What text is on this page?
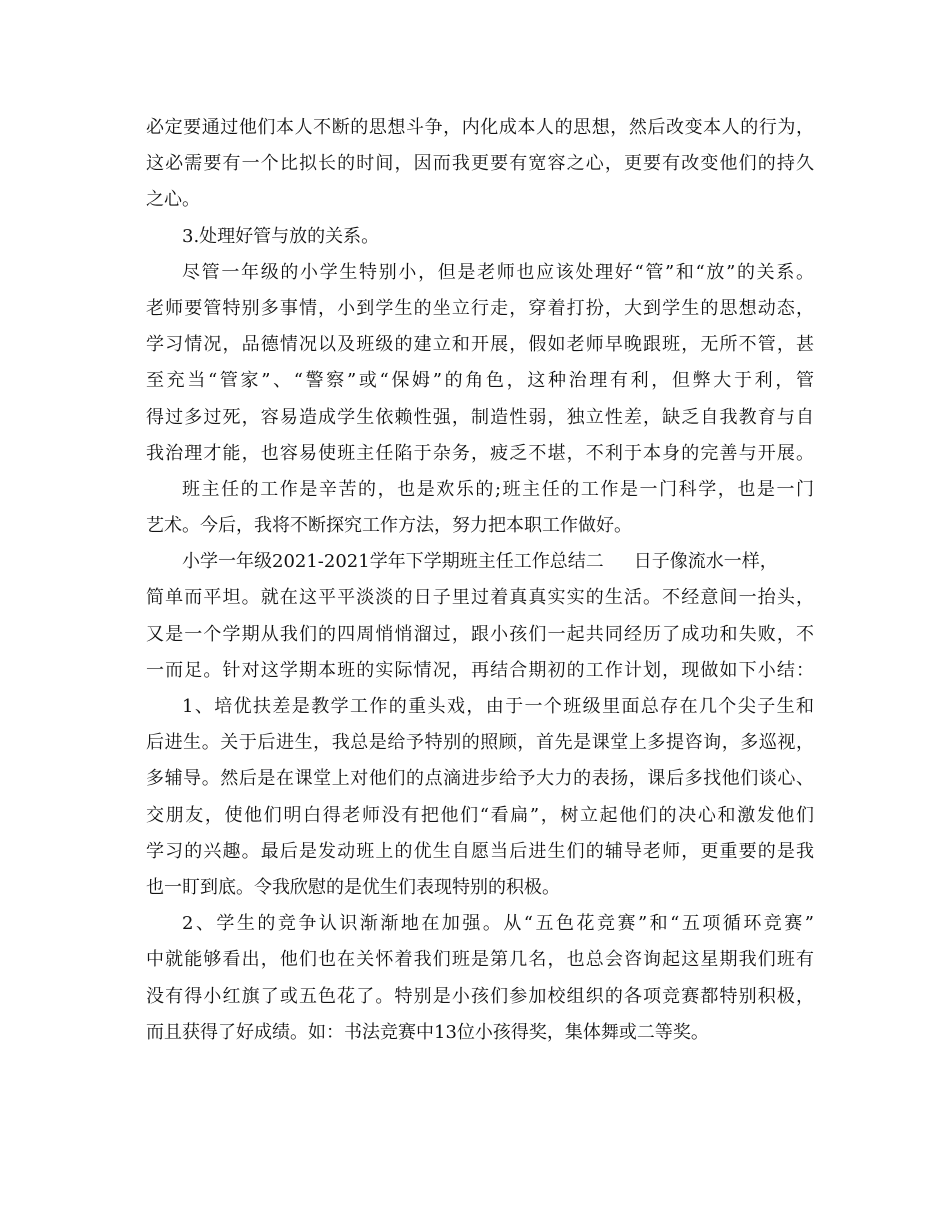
必定要通过他们本人不断的思想斗争，内化成本人的思想，然后改变本人的行为，
这必需要有一个比拟长的时间，因而我更要有宽容之心，更要有改变他们的持久
之心。
3.处理好管与放的关系。
尽管一年级的小学生特别小，但是老师也应该处理好“管”和“放”的关系。
老师要管特别多事情，小到学生的坐立行走，穿着打扮，大到学生的思想动态，
学习情况，品德情况以及班级的建立和开展，假如老师早晚跟班，无所不管，甚
至充当“管家”、“警察”或“保姆”的角色，这种治理有利，但弊大于利，管
得过多过死，容易造成学生依赖性强，制造性弱，独立性差，缺乏自我教育与自
我治理才能，也容易使班主任陷于杂务，疲乏不堪，不利于本身的完善与开展。
班主任的工作是辛苦的，也是欢乐的;班主任的工作是一门科学，也是一门
艺术。今后，我将不断探究工作方法，努力把本职工作做好。
小学一年级2021-2021学年下学期班主任工作总结二 日子像流水一样，
简单而平坦。就在这平平淡淡的日子里过着真真实实的生活。不经意间一抬头，
又是一个学期从我们的四周悄悄溜过，跟小孩们一起共同经历了成功和失败，不
一而足。针对这学期本班的实际情况，再结合期初的工作计划，现做如下小结：
1、培优扶差是教学工作的重头戏，由于一个班级里面总存在几个尖子生和
后进生。关于后进生，我总是给予特别的照顾，首先是课堂上多提咨询，多巡视，
多辅导。然后是在课堂上对他们的点滴进步给予大力的表扬，课后多找他们谈心、
交朋友，使他们明白得老师没有把他们“看扁”，树立起他们的决心和激发他们
学习的兴趣。最后是发动班上的优生自愿当后进生们的辅导老师，更重要的是我
也一盯到底。令我欣慰的是优生们表现特别的积极。
2、学生的竞争认识渐渐地在加强。从“五色花竞赛”和“五项循环竞赛”
中就能够看出，他们也在关怀着我们班是第几名，也总会咨询起这星期我们班有
没有得小红旗了或五色花了。特别是小孩们参加校组织的各项竞赛都特别积极，
而且获得了好成绩。如：书法竞赛中13位小孩得奖，集体舞或二等奖。
